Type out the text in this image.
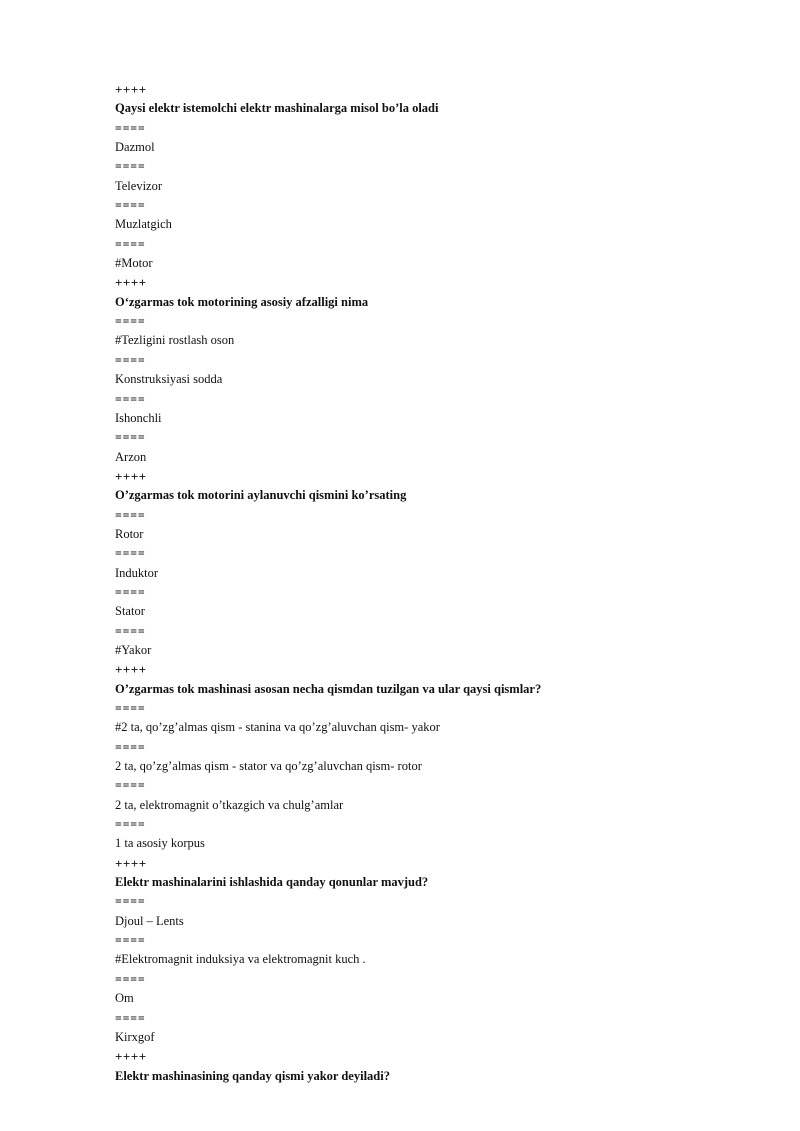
++++
Qaysi elektr istemolchi elektr mashinalarga misol bo’la oladi
====
Dazmol
====
Televizor
====
Muzlatgich
====
#Motor
++++
O‘zgarmas tok motorining asosiy afzalligi nima
====
#Tezligini rostlash oson
====
Konstruksiyasi sodda
====
Ishonchli
====
Arzon
++++
O’zgarmas tok motorini aylanuvchi qismini ko’rsating
====
Rotor
====
Induktor
====
Stator
====
#Yakor
++++
O’zgarmas tok mashinasi asosan necha qismdan tuzilgan va ular qaysi qismlar?
====
#2 ta, qo’zg’almas qism - stanina va qo’zg’aluvchan qism- yakor
====
2 ta, qo’zg’almas qism - stator va qo’zg’aluvchan qism- rotor
====
2 ta, elektromagnit o’tkazgich va chulg’amlar
====
1 ta asosiy korpus
++++
Elektr mashinalarini ishlashida qanday qonunlar mavjud?
====
Djoul – Lents
====
#Elektromagnit induksiya va elektromagnit kuch .
====
Om
====
Kirxgof
++++
Elektr mashinasining qanday qismi yakor deyiladi?
